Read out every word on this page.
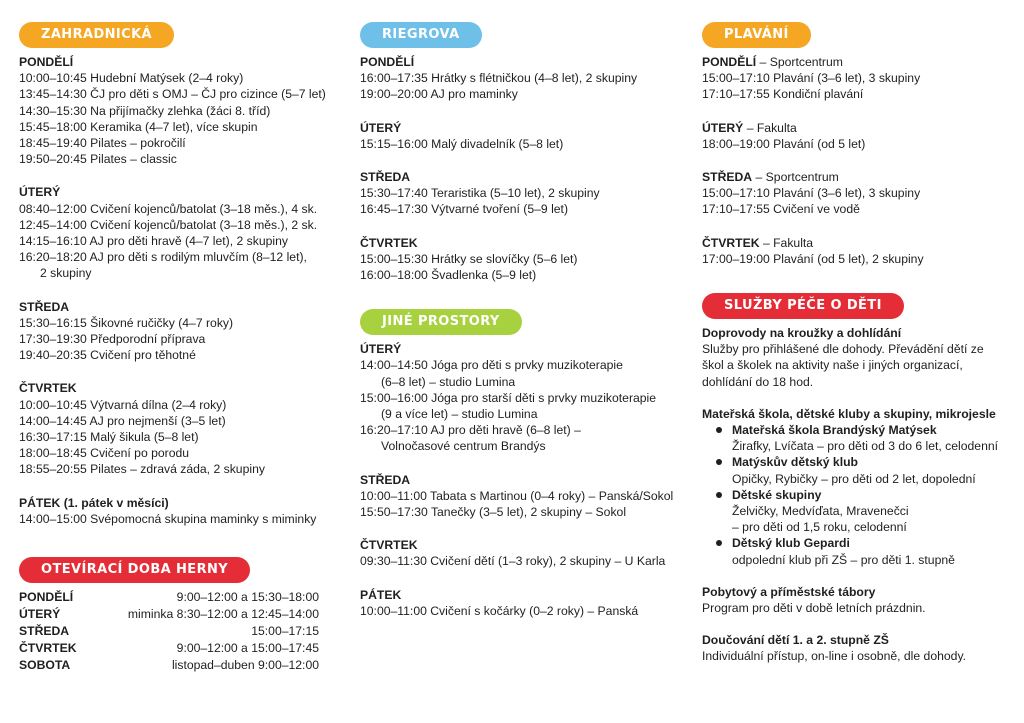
ZAHRADNICKÁ
PONDĚLÍ
10:00–10:45 Hudební Matýsek (2–4 roky)
13:45–14:30 ČJ pro děti s OMJ – ČJ pro cizince (5–7 let)
14:30–15:30 Na přijímačky zlehka (žáci 8. tříd)
15:45–18:00 Keramika (4–7 let), více skupin
18:45–19:40 Pilates – pokročilí
19:50–20:45 Pilates – classic
ÚTERÝ
08:40–12:00 Cvičení kojenců/batolat (3–18 měs.), 4 sk.
12:45–14:00 Cvičení kojenců/batolat (3–18 měs.), 2 sk.
14:15–16:10 AJ pro děti hravě (4–7 let), 2 skupiny
16:20–18:20 AJ pro děti s rodilým mluvčím (8–12 let),
2 skupiny
STŘEDA
15:30–16:15 Šikovné ručičky (4–7 roky)
17:30–19:30 Předporodní příprava
19:40–20:35 Cvičení pro těhotné
ČTVRTEK
10:00–10:45 Výtvarná dílna (2–4 roky)
14:00–14:45 AJ pro nejmenší (3–5 let)
16:30–17:15 Malý šikula (5–8 let)
18:00–18:45 Cvičení po porodu
18:55–20:55 Pilates – zdravá záda, 2 skupiny
PÁTEK (1. pátek v měsíci)
14:00–15:00 Svépomocná skupina maminky s miminky
OTEVÍRACÍ DOBA HERNY
PONDĚLÍ	9:00–12:00 a 15:30–18:00
ÚTERÝ	miminka 8:30–12:00 a 12:45–14:00
STŘEDA	15:00–17:15
ČTVRTEK	9:00–12:00 a 15:00–17:45
SOBOTA	listopad–duben 9:00–12:00
RIEGROVA
PONDĚLÍ
16:00–17:35 Hrátky s flétničkou (4–8 let), 2 skupiny
19:00–20:00 AJ pro maminky
ÚTERÝ
15:15–16:00 Malý divadelník (5–8 let)
STŘEDA
15:30–17:40 Teraristika (5–10 let), 2 skupiny
16:45–17:30 Výtvarné tvoření (5–9 let)
ČTVRTEK
15:00–15:30 Hrátky se slovíčky (5–6 let)
16:00–18:00 Švadlenka (5–9 let)
JINÉ PROSTORY
ÚTERÝ
14:00–14:50 Jóga pro děti s prvky muzikoterapie
(6–8 let) – studio Lumina
15:00–16:00 Jóga pro starší děti s prvky muzikoterapie
(9 a více let) – studio Lumina
16:20–17:10 AJ pro děti hravě (6–8 let) –
Volnočasové centrum Brandýs
STŘEDA
10:00–11:00 Tabata s Martinou (0–4 roky) – Panská/Sokol
15:50–17:30 Tanečky (3–5 let), 2 skupiny – Sokol
ČTVRTEK
09:30–11:30 Cvičení dětí (1–3 roky), 2 skupiny – U Karla
PÁTEK
10:00–11:00 Cvičení s kočárky (0–2 roky) – Panská
PLAVÁNÍ
PONDĚLÍ – Sportcentrum
15:00–17:10 Plavání (3–6 let), 3 skupiny
17:10–17:55 Kondiční plavání
ÚTERÝ – Fakulta
18:00–19:00 Plavání (od 5 let)
STŘEDA – Sportcentrum
15:00–17:10 Plavání (3–6 let), 3 skupiny
17:10–17:55 Cvičení ve vodě
ČTVRTEK – Fakulta
17:00–19:00 Plavání (od 5 let), 2 skupiny
SLUŽBY PÉČE O DĚTI
Doprovody na kroužky a dohlídání
Služby pro přihlášené dle dohody. Převádění dětí ze škol a školek na aktivity naše i jiných organizací, dohlídání do 18 hod.
Mateřská škola, dětské kluby a skupiny, mikrojesle
Mateřská škola Brandýský Matýsek
Žirafky, Lvíčata – pro děti od 3 do 6 let, celodenní
Matýskův dětský klub
Opičky, Rybičky – pro děti od 2 let, dopolední
Dětské skupiny
Želvičky, Medvíďata, Mravenečci
– pro děti od 1,5 roku, celodenní
Dětský klub Gepardi
odpolední klub při ZŠ – pro děti 1. stupně
Pobytový a příměstské tábory
Program pro děti v době letních prázdnin.
Doučování dětí 1. a 2. stupně ZŠ
Individuální přístup, on-line i osobně, dle dohody.
